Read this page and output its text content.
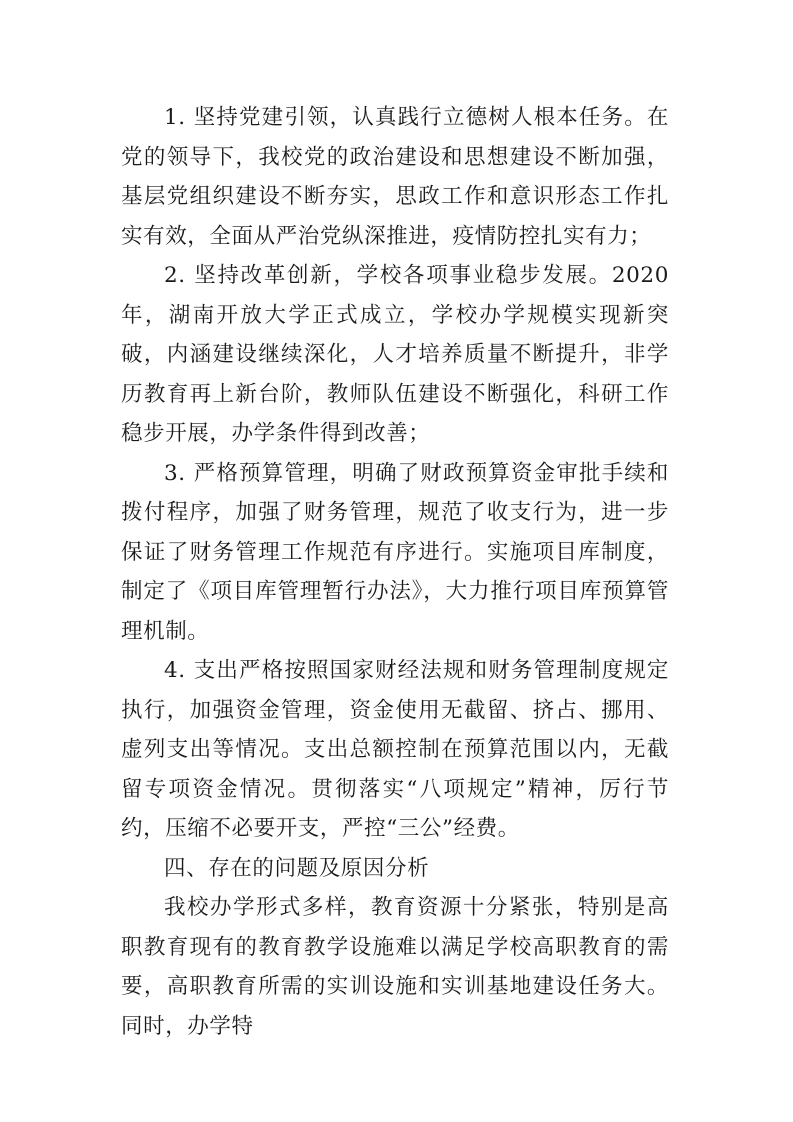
1. 坚持党建引领，认真践行立德树人根本任务。在党的领导下，我校党的政治建设和思想建设不断加强，基层党组织建设不断夯实，思政工作和意识形态工作扎实有效，全面从严治党纵深推进，疫情防控扎实有力；

2. 坚持改革创新，学校各项事业稳步发展。2020 年，湖南开放大学正式成立，学校办学规模实现新突破，内涵建设继续深化，人才培养质量不断提升，非学历教育再上新台阶，教师队伍建设不断强化，科研工作稳步开展，办学条件得到改善；

3. 严格预算管理，明确了财政预算资金审批手续和拨付程序，加强了财务管理，规范了收支行为，进一步保证了财务管理工作规范有序进行。实施项目库制度，制定了《项目库管理暂行办法》，大力推行项目库预算管理机制。

4. 支出严格按照国家财经法规和财务管理制度规定执行，加强资金管理，资金使用无截留、挤占、挪用、虚列支出等情况。支出总额控制在预算范围以内，无截留专项资金情况。贯彻落实“八项规定”精神，厉行节约，压缩不必要开支，严控“三公”经费。

四、存在的问题及原因分析

我校办学形式多样，教育资源十分紧张，特别是高职教育现有的教育教学设施难以满足学校高职教育的需要，高职教育所需的实训设施和实训基地建设任务大。同时，办学特
